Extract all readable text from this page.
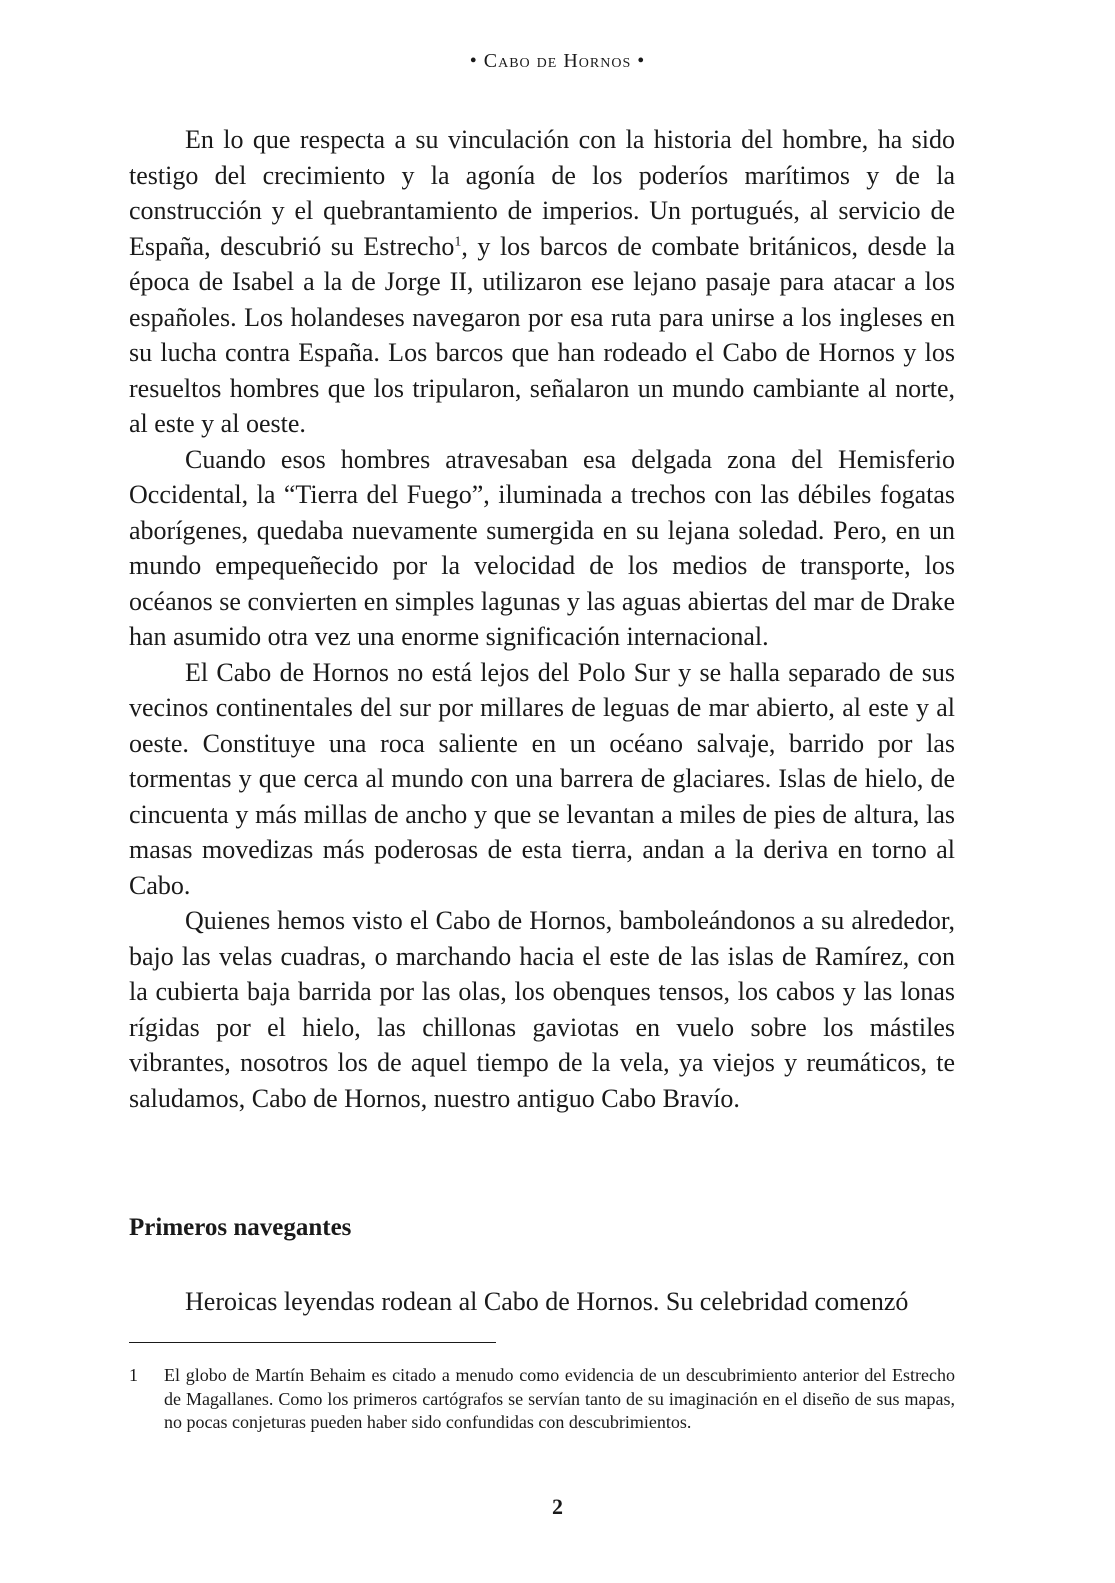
• Cabo de Hornos •

En lo que respecta a su vinculación con la historia del hombre, ha sido testigo del crecimiento y la agonía de los poderíos marítimos y de la construcción y el quebrantamiento de imperios. Un portugués, al servicio de España, descubrió su Estrecho$^1$, y los barcos de combate británicos, desde la época de Isabel a la de Jorge II, utilizaron ese lejano pasaje para atacar a los españoles. Los holandeses navegaron por esa ruta para unirse a los ingleses en su lucha contra España. Los barcos que han rodeado el Cabo de Hornos y los resueltos hombres que los tripularon, señalaron un mundo cambiante al norte, al este y al oeste.

Cuando esos hombres atravesaban esa delgada zona del Hemisferio Occidental, la “Tierra del Fuego”, iluminada a trechos con las débiles fogatas aborígenes, quedaba nuevamente sumergida en su lejana soledad. Pero, en un mundo empequeñecido por la velocidad de los medios de transporte, los océanos se convierten en simples lagunas y las aguas abiertas del mar de Drake han asumido otra vez una enorme significación internacional.

El Cabo de Hornos no está lejos del Polo Sur y se halla separado de sus vecinos continentales del sur por millares de leguas de mar abierto, al este y al oeste. Constituye una roca saliente en un océano salvaje, barrido por las tormentas y que cerca al mundo con una barrera de glaciares. Islas de hielo, de cincuenta y más millas de ancho y que se levantan a miles de pies de altura, las masas movedizas más poderosas de esta tierra, andan a la deriva en torno al Cabo.

Quienes hemos visto el Cabo de Hornos, bamboleándonos a su alrededor, bajo las velas cuadras, o marchando hacia el este de las islas de Ramírez, con la cubierta baja barrida por las olas, los obenques tensos, los cabos y las lonas rígidas por el hielo, las chillonas gaviotas en vuelo sobre los mástiles vibrantes, nosotros los de aquel tiempo de la vela, ya viejos y reumáticos, te saludamos, Cabo de Hornos, nuestro antiguo Cabo Bravío.

Primeros navegantes

Heroicas leyendas rodean al Cabo de Hornos. Su celebridad comenzó

1 El globo de Martín Behaim es citado a menudo como evidencia de un descubrimiento anterior del Estrecho de Magallanes. Como los primeros cartógrafos se servían tanto de su imaginación en el diseño de sus mapas, no pocas conjeturas pueden haber sido confundidas con descubrimientos.
2
